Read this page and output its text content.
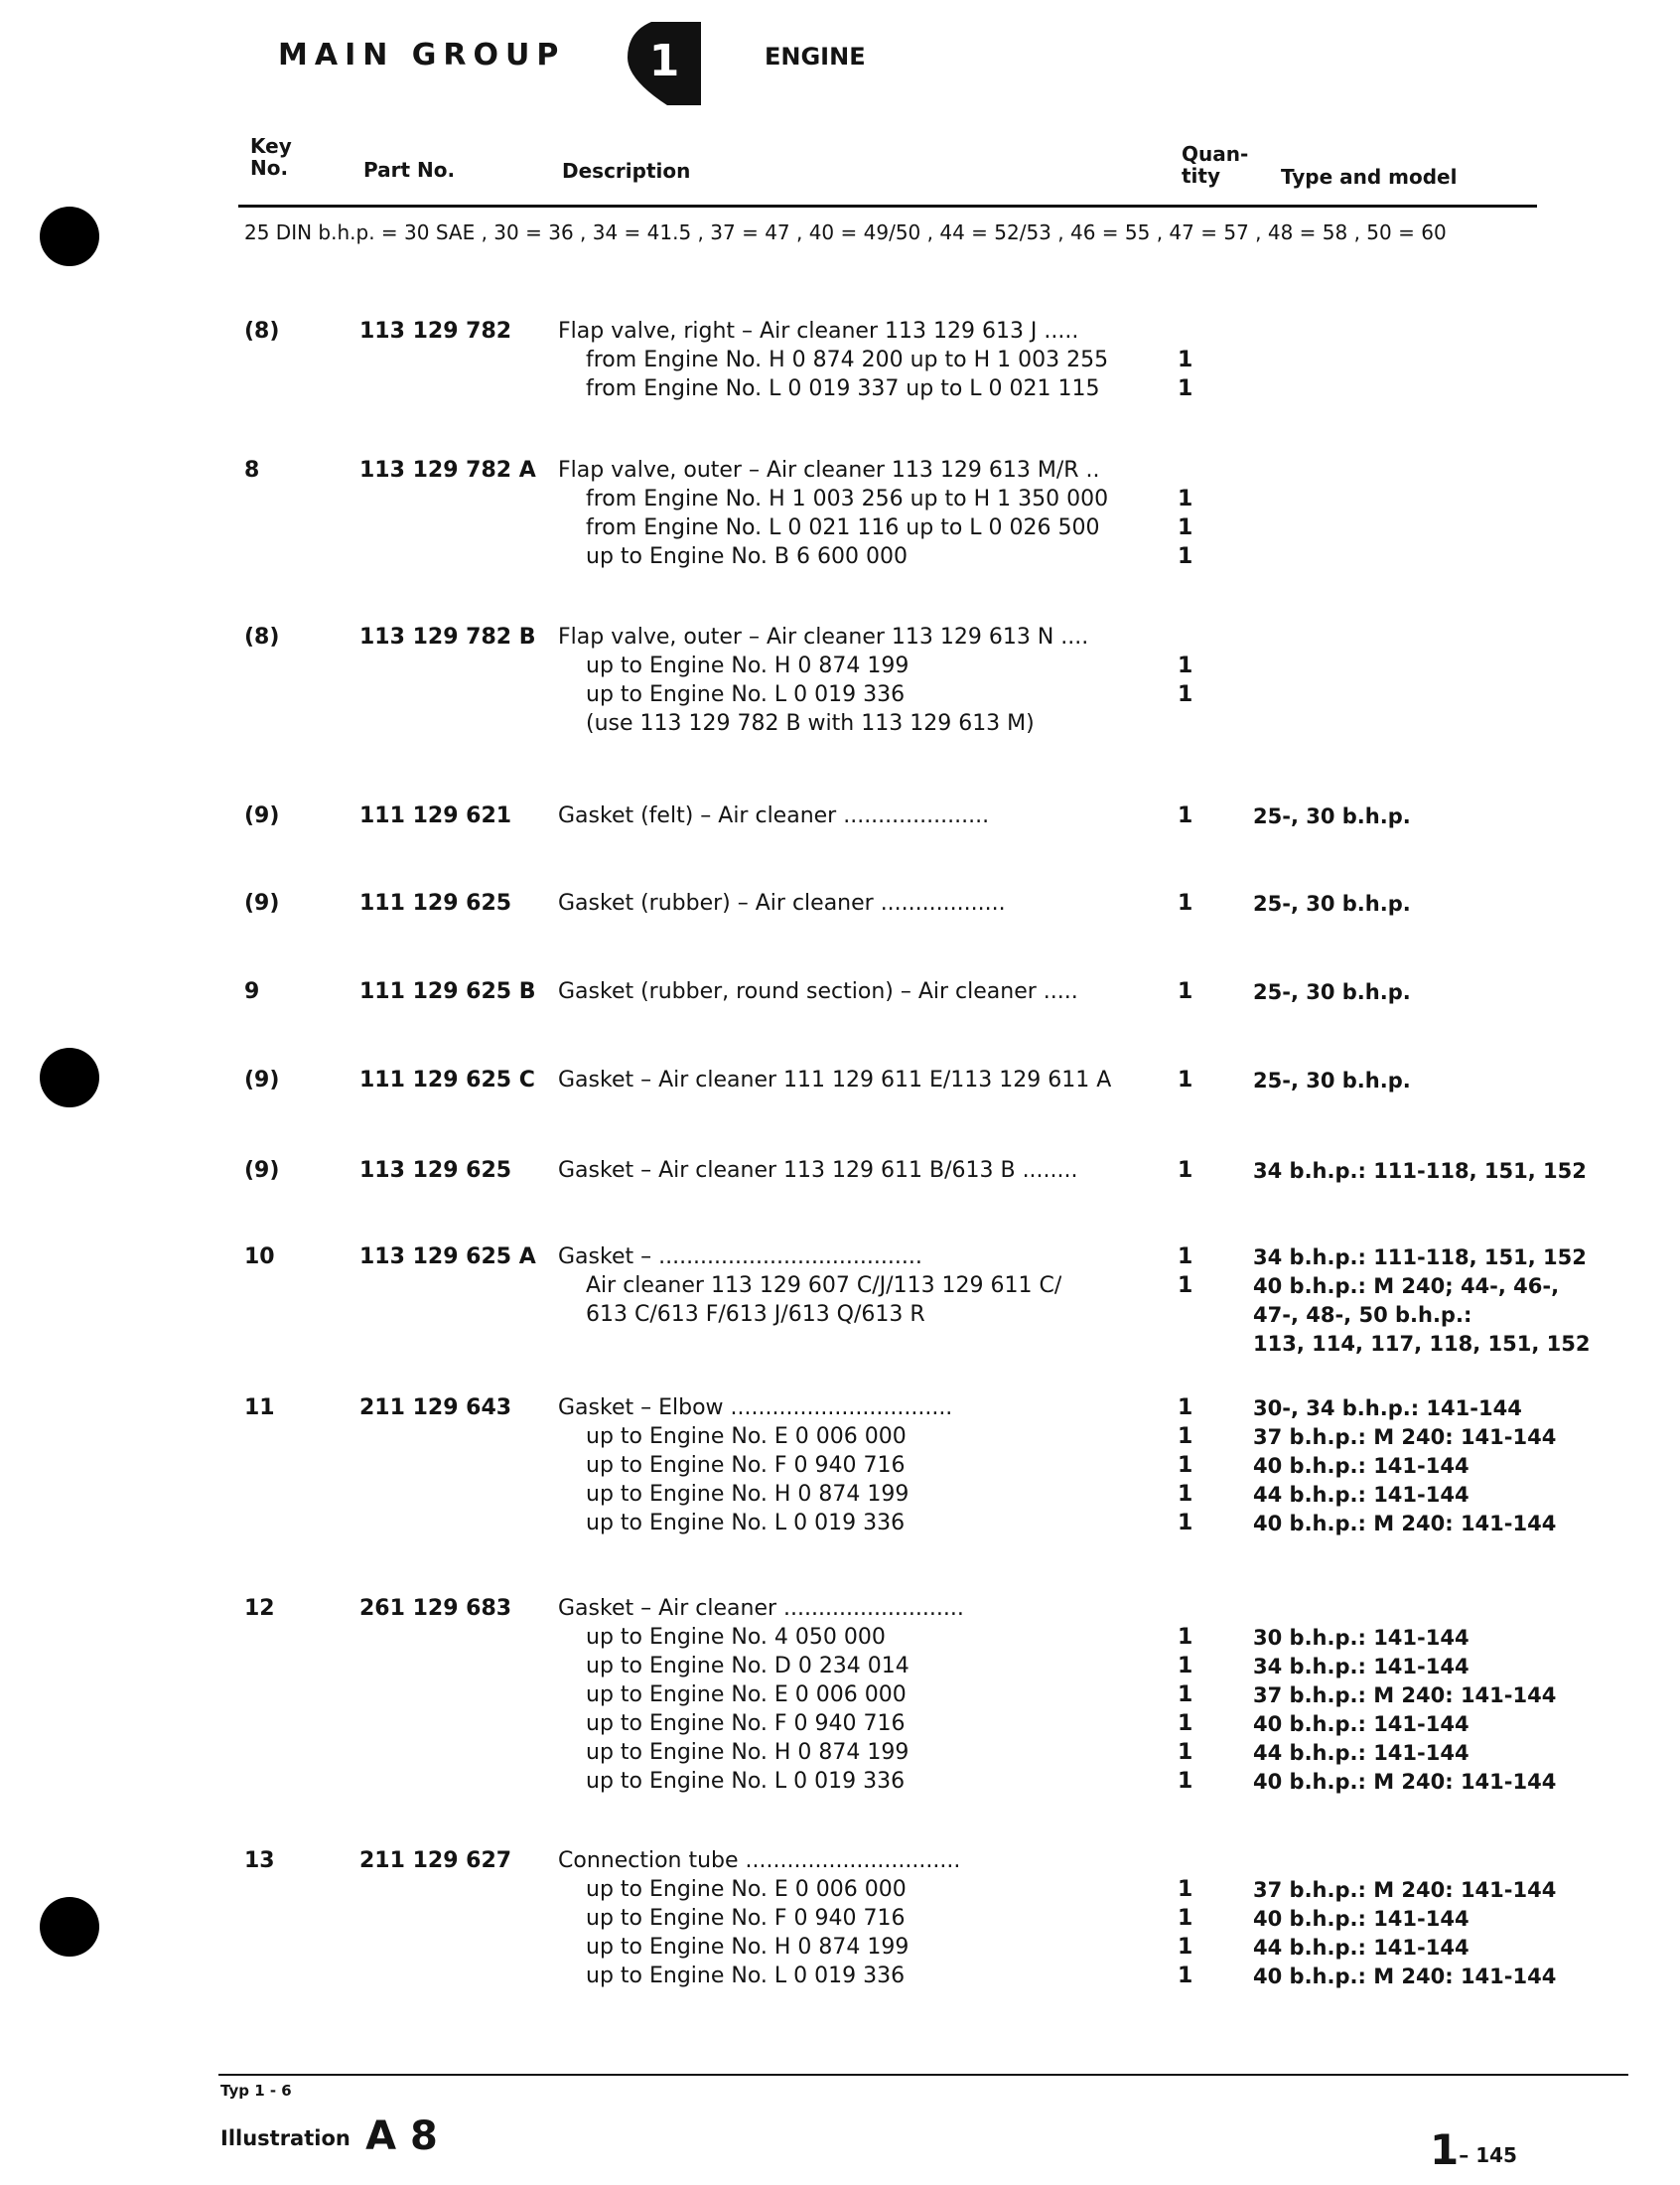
MAIN GROUP	1	ENGINE
Key No.	Part No.	Description
Quan- tity	Type and model
25 DIN b.h.p. = 30 SAE , 30 = 36 , 34 = 41.5 , 37 = 47 , 40 = 49/50 , 44 = 52/53 , 46 = 55 , 47 = 57 , 48 = 58 , 50 = 60
(8)	113 129 782 Flap valve, right – Air cleaner 113 129 613 J .....
from Engine No. H 0 874 200 up to H 1 003 255	1
from Engine No. L 0 019 337 up to L 0 021 115	1
8	113 129 782 A Flap valve, outer – Air cleaner 113 129 613 M/R ..
from Engine No. H 1 003 256 up to H 1 350 000	1
from Engine No. L 0 021 116 up to L 0 026 500	1
up to Engine No. B 6 600 000	1
(8)	113 129 782 B Flap valve, outer – Air cleaner 113 129 613 N ....
up to Engine No. H 0 874 199	1
up to Engine No. L 0 019 336	1
(use 113 129 782 B with 113 129 613 M)
(9)	111 129 621 Gasket (felt) – Air cleaner .....................	1	25-, 30 b.h.p.
(9)	111 129 625 Gasket (rubber) – Air cleaner ..................	1	25-, 30 b.h.p.
9	111 129 625 B Gasket (rubber, round section) – Air cleaner .....	1	25-, 30 b.h.p.
(9)	111 129 625 C Gasket – Air cleaner 111 129 611 E/113 129 611 A	1	25-, 30 b.h.p.
(9)	113 129 625 Gasket – Air cleaner 113 129 611 B/613 B ........	1	34 b.h.p.: 111-118, 151, 152
10	113 129 625 A Gasket – ......................................	1	34 b.h.p.: 111-118, 151, 152
Air cleaner 113 129 607 C/J/113 129 611 C/	1	40 b.h.p.: M 240; 44-, 46-,
613 C/613 F/613 J/613 Q/613 R	47-, 48-, 50 b.h.p.:
113, 114, 117, 118, 151, 152
11	211 129 643 Gasket – Elbow ................................	1	30-, 34 b.h.p.: 141-144
up to Engine No. E 0 006 000	1	37 b.h.p.: M 240: 141-144
up to Engine No. F 0 940 716	1	40 b.h.p.: 141-144
up to Engine No. H 0 874 199	1	44 b.h.p.: 141-144
up to Engine No. L 0 019 336	1	40 b.h.p.: M 240: 141-144
12	261 129 683 Gasket – Air cleaner ..........................
up to Engine No. 4 050 000	1	30 b.h.p.: 141-144
up to Engine No. D 0 234 014	1	34 b.h.p.: 141-144
up to Engine No. E 0 006 000	1	37 b.h.p.: M 240: 141-144
up to Engine No. F 0 940 716	1	40 b.h.p.: 141-144
up to Engine No. H 0 874 199	1	44 b.h.p.: 141-144
up to Engine No. L 0 019 336	1	40 b.h.p.: M 240: 141-144
13	211 129 627 Connection tube ...............................
up to Engine No. E 0 006 000	1	37 b.h.p.: M 240: 141-144
up to Engine No. F 0 940 716	1	40 b.h.p.: 141-144
up to Engine No. H 0 874 199	1	44 b.h.p.: 141-144
up to Engine No. L 0 019 336	1	40 b.h.p.: M 240: 141-144
Typ 1 - 6
Illustration A 8	1– 145
